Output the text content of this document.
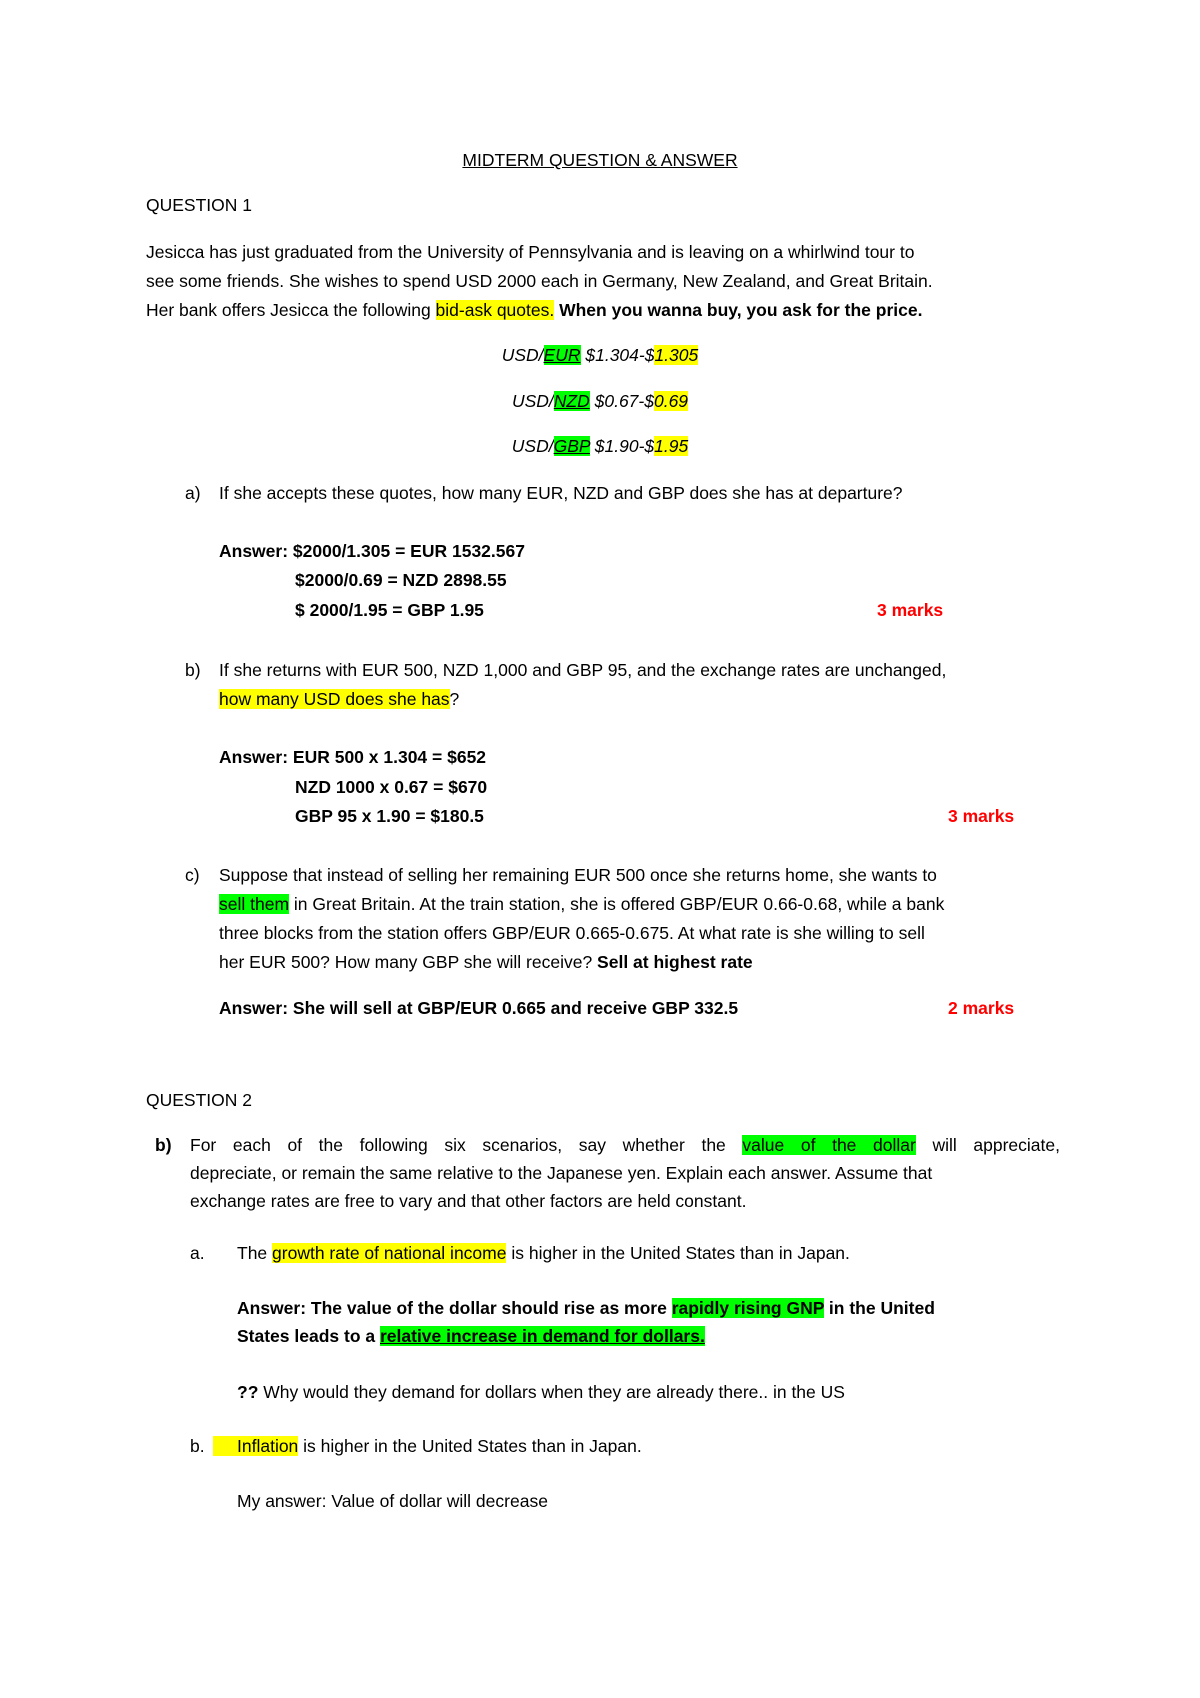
MIDTERM QUESTION & ANSWER
QUESTION 1
Jesicca has just graduated from the University of Pennsylvania and is leaving on a whirlwind tour to
see some friends. She wishes to spend USD 2000 each in Germany, New Zealand, and Great Britain.
Her bank offers Jesicca the following bid-ask quotes. When you wanna buy, you ask for the price.
USD/EUR $1.304-$1.305
USD/NZD $0.67-$0.69
USD/GBP $1.90-$1.95
a) If she accepts these quotes, how many EUR, NZD and GBP does she has at departure?
Answer: $2000/1.305 = EUR 1532.567
$2000/0.69 = NZD 2898.55
$ 2000/1.95 = GBP 1.95	3 marks
b) If she returns with EUR 500, NZD 1,000 and GBP 95, and the exchange rates are unchanged,
how many USD does she has?
Answer: EUR 500 x 1.304 = $652
NZD 1000 x 0.67 = $670
GBP 95 x 1.90 = $180.5	3 marks
c) Suppose that instead of selling her remaining EUR 500 once she returns home, she wants to
sell them in Great Britain. At the train station, she is offered GBP/EUR 0.66-0.68, while a bank
three blocks from the station offers GBP/EUR 0.665-0.675. At what rate is she willing to sell
her EUR 500? How many GBP she will receive? Sell at highest rate
Answer: She will sell at GBP/EUR 0.665 and receive GBP 332.5	2 marks
QUESTION 2
b) For each of the following six scenarios, say whether the value of the dollar will appreciate,
depreciate, or remain the same relative to the Japanese yen. Explain each answer. Assume that
exchange rates are free to vary and that other factors are held constant.
a. The growth rate of national income is higher in the United States than in Japan.
Answer: The value of the dollar should rise as more rapidly rising GNP in the United
States leads to a relative increase in demand for dollars.
?? Why would they demand for dollars when they are already there.. in the US
b.	Inflation is higher in the United States than in Japan.
My answer: Value of dollar will decrease
